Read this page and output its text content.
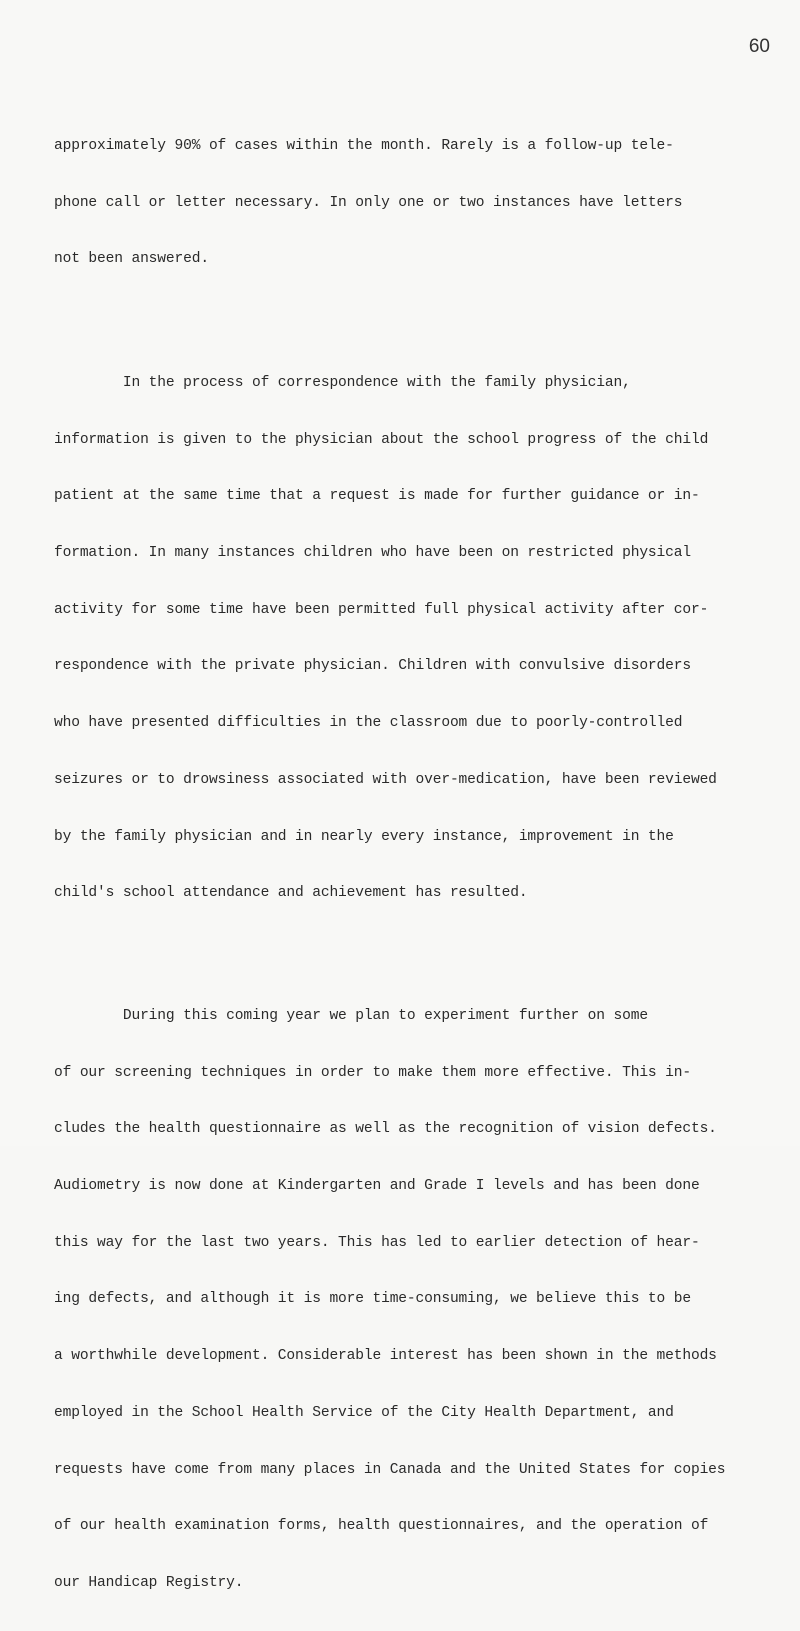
60

approximately 90% of cases within the month. Rarely is a follow-up tele-

phone call or letter necessary. In only one or two instances have letters

not been answered.

In the process of correspondence with the family physician,

information is given to the physician about the school progress of the child

patient at the same time that a request is made for further guidance or in-

formation. In many instances children who have been on restricted physical

activity for some time have been permitted full physical activity after cor-

respondence with the private physician. Children with convulsive disorders

who have presented difficulties in the classroom due to poorly-controlled

seizures or to drowsiness associated with over-medication, have been reviewed

by the family physician and in nearly every instance, improvement in the

child's school attendance and achievement has resulted.

During this coming year we plan to experiment further on some

of our screening techniques in order to make them more effective. This in-

cludes the health questionnaire as well as the recognition of vision defects.

Audiometry is now done at Kindergarten and Grade I levels and has been done

this way for the last two years. This has led to earlier detection of hear-

ing defects, and although it is more time-consuming, we believe this to be

a worthwhile development. Considerable interest has been shown in the methods

employed in the School Health Service of the City Health Department, and

requests have come from many places in Canada and the United States for copies

of our health examination forms, health questionnaires, and the operation of

our Handicap Registry.
